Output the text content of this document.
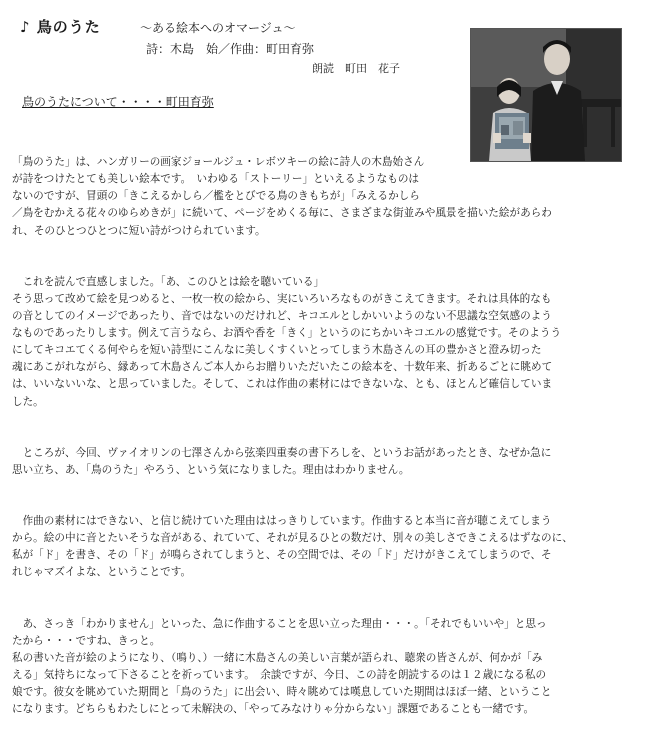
♪ 鳥のうた	～ある絵本へのオマージュ～
詩：木島　始／作曲：町田育弥
朗読　町田　花子
鳥のうたについて・・・・町田育弥

「鳥のうた」は、ハンガリーの画家ジョールジュ・レボツキーの絵に詩人の木島始さん
が詩をつけたとても美しい絵本です。　いわゆる「ストーリー」といえるようなものは
ないのですが、冒頭の「きこえるかしら／檻をとびでる鳥のきもちが」「みえるかしら
／鳥をむかえる花々のゆらめきが」に続いて、ページをめくる毎に、さまざまな街並みや風景を描いた絵があらわ
れ、そのひとつひとつに短い詩がつけられています。

　これを読んで直感しました。「あ、このひとは絵を聴いている」
そう思って改めて絵を見つめると、一枚一枚の絵から、実にいろいろなものがきこえてきます。それは具体的なも
の音としてのイメージであったり、音ではないのだけれど、キコエルとしかいいようのない不思議な空気感のよう
なものであったりします。例えて言うなら、お酒や香を「きく」というのにちかいキコエルの感覚です。そのようう
にしてキコエてくる何やらを短い詩型にこんなに美しくすくいとってしまう木島さんの耳の豊かさと澄み切った
魂にあこがれながら、縁あって木島さんご本人からお贈りいただいたこの絵本を、十数年来、折あるごとに眺めて
は、いいないいな、と思っていました。そして、これは作曲の素材にはできないな、とも、ほとんど確信していま
した。

　ところが、今回、ヴァイオリンの七澤さんから弦楽四重奏の書下ろしを、というお話があったとき、なぜか急に
思い立ち、あ、「鳥のうた」やろう、という気になりました。理由はわかりません。

　作曲の素材にはできない、と信じ続けていた理由ははっきりしています。作曲すると本当に音が聴こえてしまう
から。絵の中に音とたいそうな音がある、れていて、それが見るひとの数だけ、別々の美しさできこえるはずなのに、
私が「ド」を書き、その「ド」が鳴らされてしまうと、その空間では、その「ド」だけがきこえてしまうので、そ
れじゃマズイよな、ということです。

　あ、さっき「わかりません」といった、急に作曲することを思い立った理由・・・。「それでもいいや」と思っ
たから・・・ですね、きっと。
私の書いた音が絵のようになり、（鳴り、）一緒に木島さんの美しい言葉が語られ、聴衆の皆さんが、何かが「み
える」気持ちになって下さることを祈っています。　余談ですが、今日、この詩を朗読するのは１２歳になる私の
娘です。彼女を眺めていた期間と「鳥のうた」に出会い、時々眺めては嘆息していた期間はほぼ一緒、ということ
になります。どちらもわたしにとって未解決の、「やってみなけりゃ分からない」課題であることも一緒です。
